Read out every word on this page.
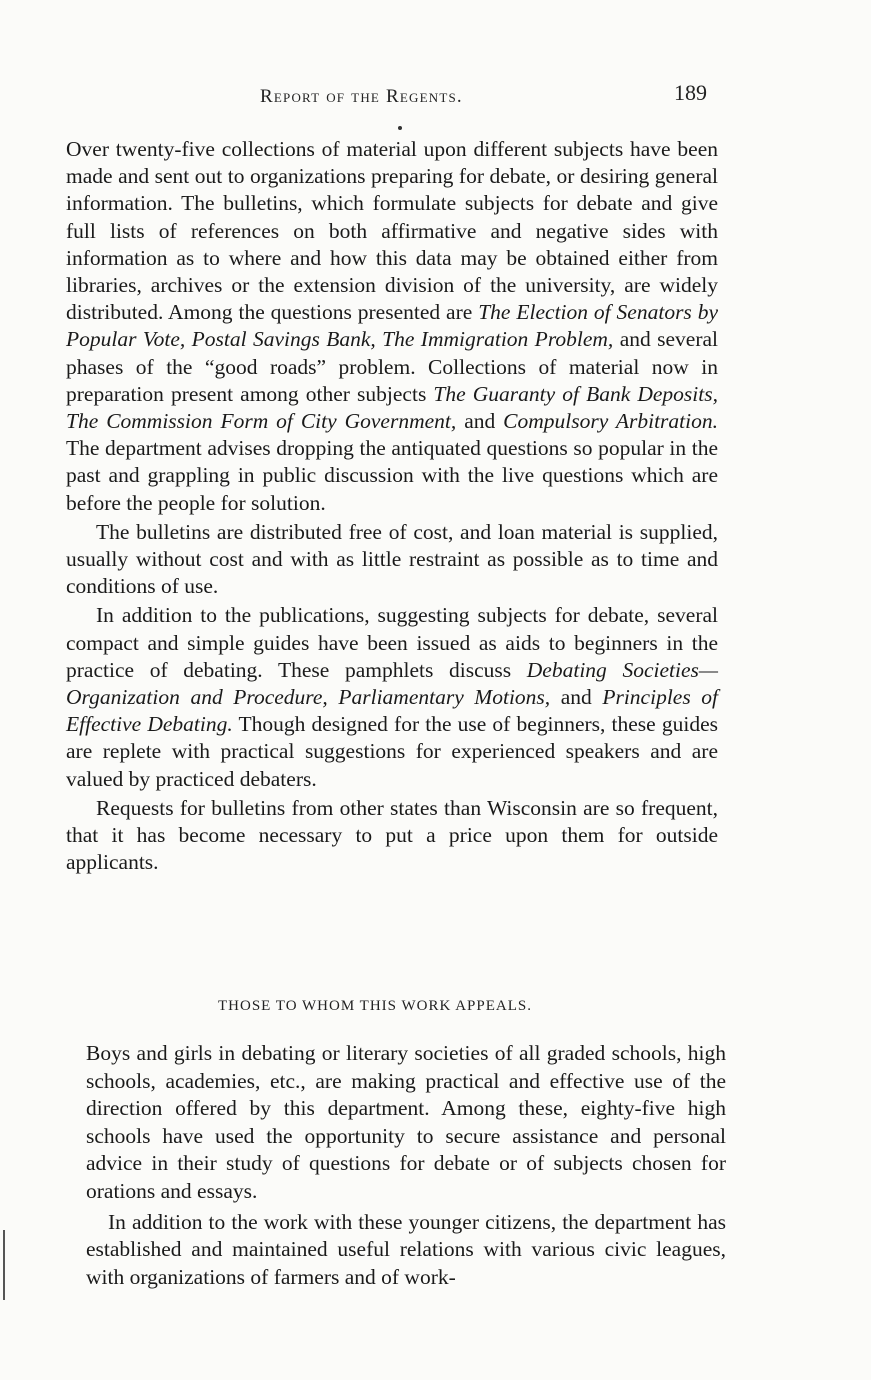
Report of the Regents.	189

Over twenty-five collections of material upon different subjects have been made and sent out to organizations preparing for debate, or desiring general information. The bulletins, which formulate subjects for debate and give full lists of references on both affirmative and negative sides with information as to where and how this data may be obtained either from libraries, archives or the extension division of the university, are widely distributed. Among the questions presented are The Election of Senators by Popular Vote, Postal Savings Bank, The Immigration Problem, and several phases of the “good roads” problem. Collections of material now in preparation present among other subjects The Guaranty of Bank Deposits, The Commission Form of City Government, and Compulsory Arbitration. The department advises dropping the antiquated questions so popular in the past and grappling in public discussion with the live questions which are before the people for solution.

The bulletins are distributed free of cost, and loan material is supplied, usually without cost and with as little restraint as possible as to time and conditions of use.

In addition to the publications, suggesting subjects for debate, several compact and simple guides have been issued as aids to beginners in the practice of debating. These pamphlets discuss Debating Societies—Organization and Procedure, Parliamentary Motions, and Principles of Effective Debating. Though designed for the use of beginners, these guides are replete with practical suggestions for experienced speakers and are valued by practiced debaters.

Requests for bulletins from other states than Wisconsin are so frequent, that it has become necessary to put a price upon them for outside applicants.

THOSE TO WHOM THIS WORK APPEALS.

Boys and girls in debating or literary societies of all graded schools, high schools, academies, etc., are making practical and effective use of the direction offered by this department. Among these, eighty-five high schools have used the opportunity to secure assistance and personal advice in their study of questions for debate or of subjects chosen for orations and essays.

In addition to the work with these younger citizens, the department has established and maintained useful relations with various civic leagues, with organizations of farmers and of work-
